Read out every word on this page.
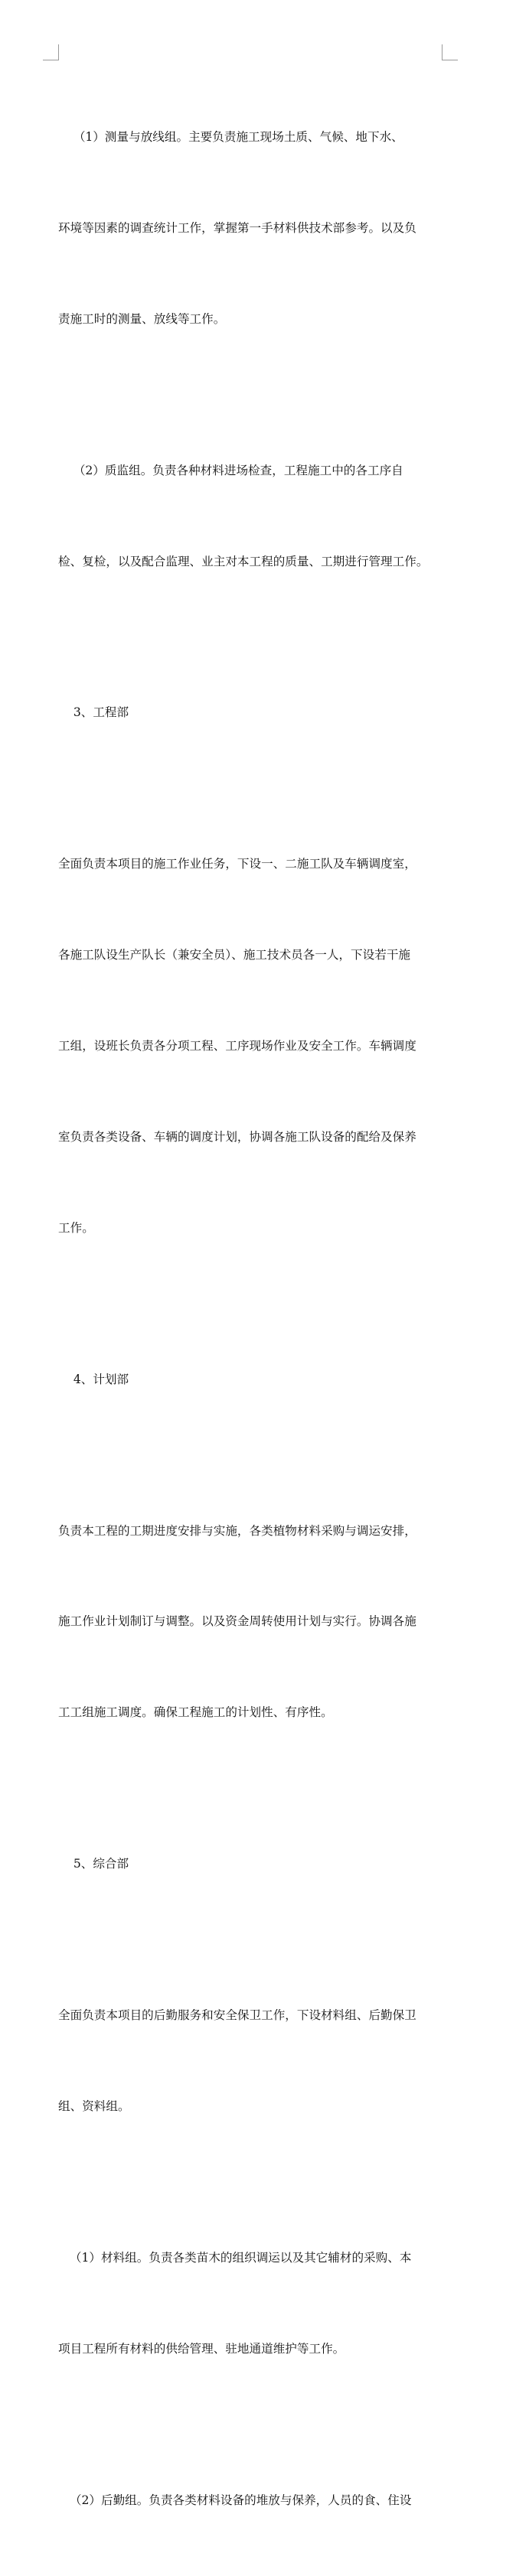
（1）测量与放线组。主要负责施工现场土质、气候、地下水、

环境等因素的调查统计工作，掌握第一手材料供技术部参考。以及负

责施工时的测量、放线等工作。

（2）质监组。负责各种材料进场检查，工程施工中的各工序自

检、复检，以及配合监理、业主对本工程的质量、工期进行管理工作。

3、工程部

全面负责本项目的施工作业任务，下设一、二施工队及车辆调度室，

各施工队设生产队长（兼安全员）、施工技术员各一人，下设若干施

工组，设班长负责各分项工程、工序现场作业及安全工作。车辆调度

室负责各类设备、车辆的调度计划，协调各施工队设备的配给及保养

工作。

4、计划部

负责本工程的工期进度安排与实施，各类植物材料采购与调运安排，

施工作业计划制订与调整。以及资金周转使用计划与实行。协调各施

工工组施工调度。确保工程施工的计划性、有序性。

5、综合部

全面负责本项目的后勤服务和安全保卫工作，下设材料组、后勤保卫

组、资料组。

（1）材料组。负责各类苗木的组织调运以及其它辅材的采购、本

项目工程所有材料的供给管理、驻地通道维护等工作。

（2）后勤组。负责各类材料设备的堆放与保养，人员的食、住设
